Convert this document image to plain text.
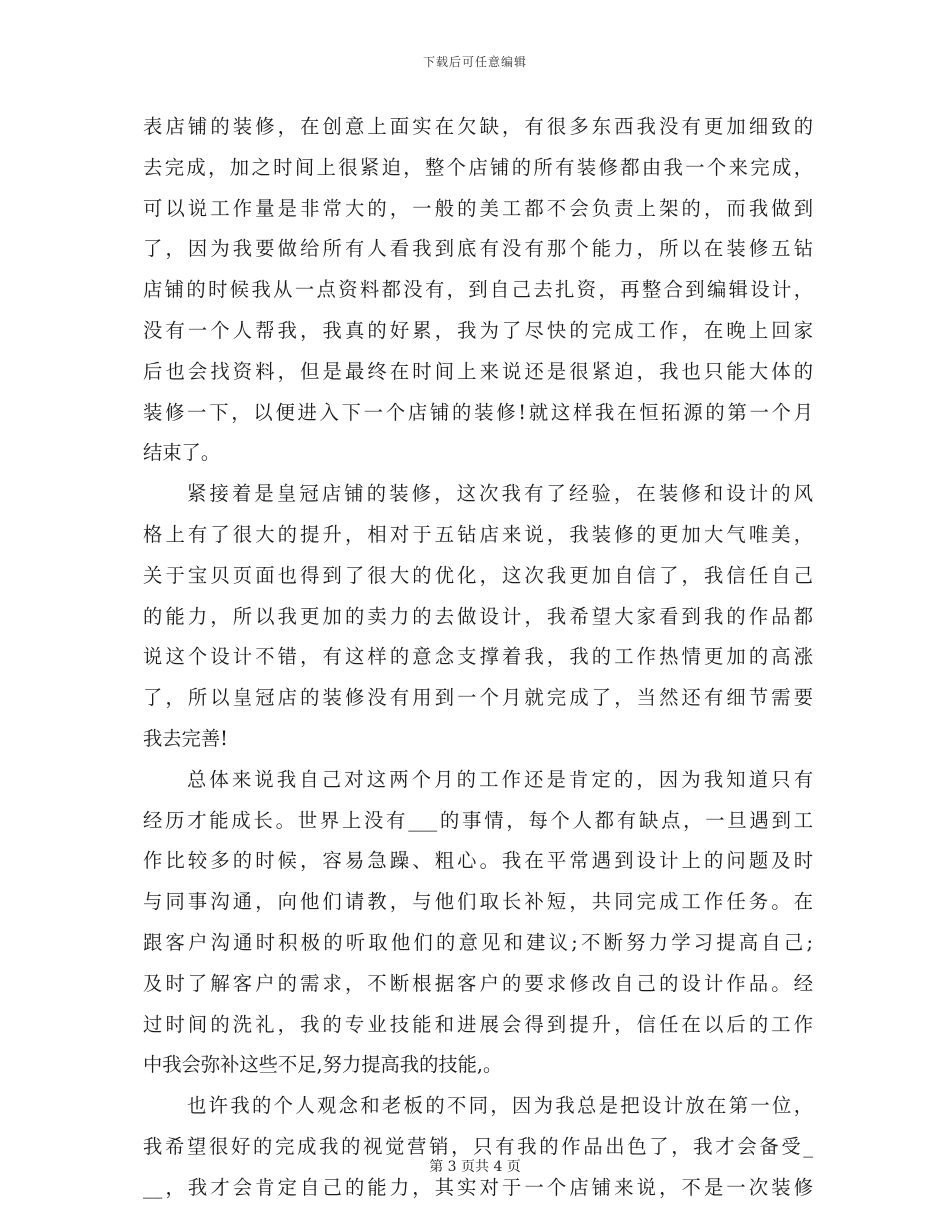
下载后可任意编辑
表店铺的装修，在创意上面实在欠缺，有很多东西我没有更加细致的
去完成，加之时间上很紧迫，整个店铺的所有装修都由我一个来完成，
可以说工作量是非常大的，一般的美工都不会负责上架的，而我做到
了，因为我要做给所有人看我到底有没有那个能力，所以在装修五钻
店铺的时候我从一点资料都没有，到自己去扎资，再整合到编辑设计，
没有一个人帮我，我真的好累，我为了尽快的完成工作，在晚上回家
后也会找资料，但是最终在时间上来说还是很紧迫，我也只能大体的
装修一下，以便进入下一个店铺的装修!就这样我在恒拓源的第一个月
结束了。
紧接着是皇冠店铺的装修，这次我有了经验，在装修和设计的风
格上有了很大的提升，相对于五钻店来说，我装修的更加大气唯美，
关于宝贝页面也得到了很大的优化，这次我更加自信了，我信任自己
的能力，所以我更加的卖力的去做设计，我希望大家看到我的作品都
说这个设计不错，有这样的意念支撑着我，我的工作热情更加的高涨
了，所以皇冠店的装修没有用到一个月就完成了，当然还有细节需要
我去完善!
总体来说我自己对这两个月的工作还是肯定的，因为我知道只有
经历才能成长。世界上没有___的事情，每个人都有缺点，一旦遇到工
作比较多的时候，容易急躁、粗心。我在平常遇到设计上的问题及时
与同事沟通，向他们请教，与他们取长补短，共同完成工作任务。在
跟客户沟通时积极的听取他们的意见和建议;不断努力学习提高自己;
及时了解客户的需求，不断根据客户的要求修改自己的设计作品。经
过时间的洗礼，我的专业技能和进展会得到提升，信任在以后的工作
中我会弥补这些不足,努力提高我的技能,。
也许我的个人观念和老板的不同，因为我总是把设计放在第一位，
我希望很好的完成我的视觉营销，只有我的作品出色了，我才会备受_
__，我才会肯定自己的能力，其实对于一个店铺来说，不是一次装修
第 3 页共 4 页
